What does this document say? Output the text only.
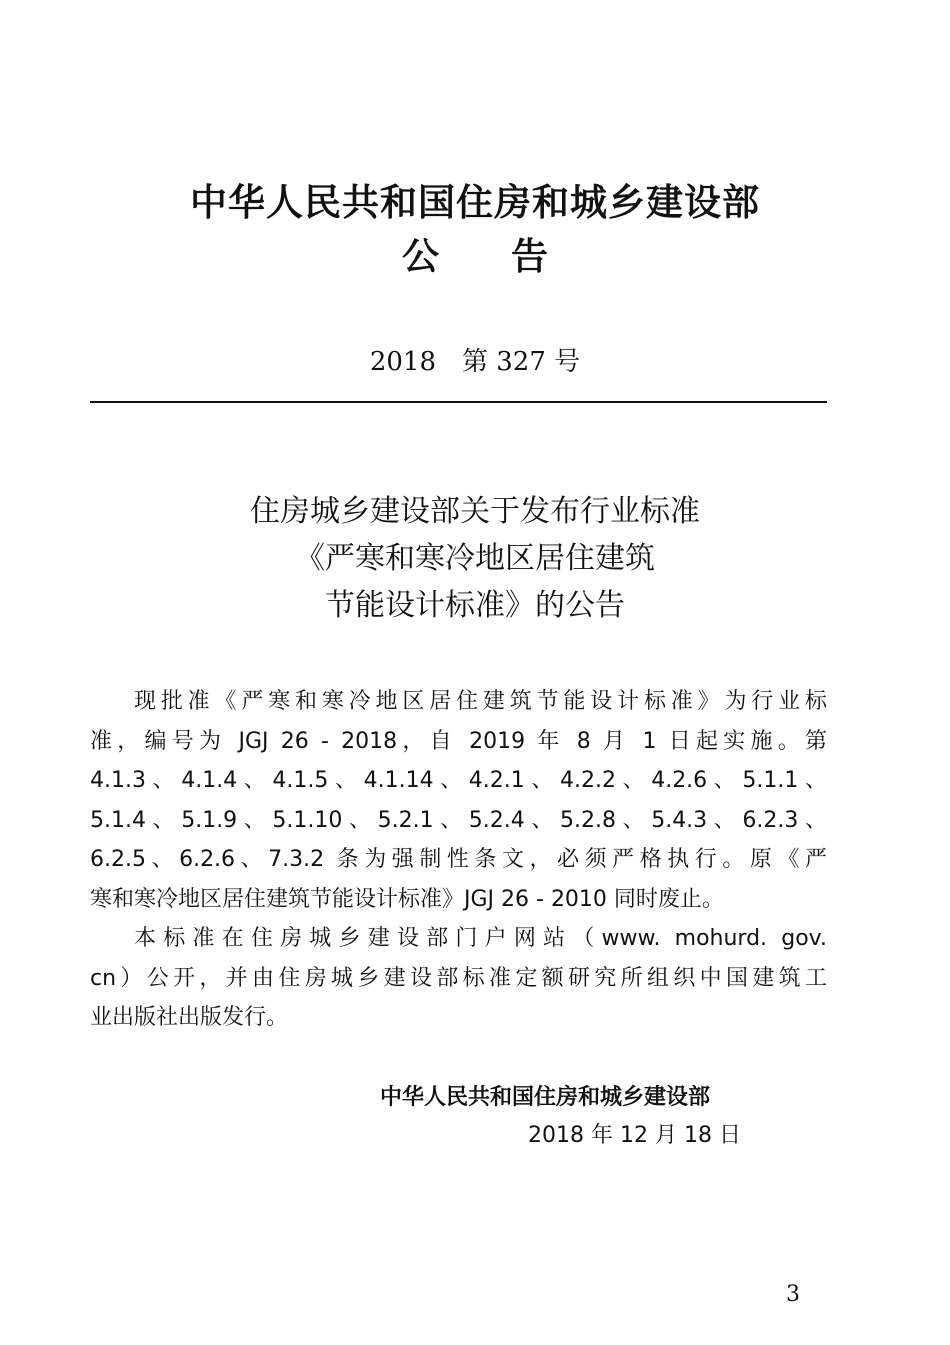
中华人民共和国住房和城乡建设部
公告
2018　第 327 号
住房城乡建设部关于发布行业标准
《严寒和寒冷地区居住建筑
节能设计标准》的公告
现批准《严寒和寒冷地区居住建筑节能设计标准》为行业标
准，编号为 JGJ 26 - 2018，自 2019 年 8 月 1 日起实施。第
4.1.3、4.1.4、4.1.5、4.1.14、4.2.1、4.2.2、4.2.6、5.1.1、
5.1.4、5.1.9、5.1.10、5.2.1、5.2.4、5.2.8、5.4.3、6.2.3、
6.2.5、6.2.6、7.3.2 条为强制性条文，必须严格执行。原《严
寒和寒冷地区居住建筑节能设计标准》JGJ 26 - 2010 同时废止。
本标准在住房城乡建设部门户网站（www. mohurd. gov.
cn）公开，并由住房城乡建设部标准定额研究所组织中国建筑工
业出版社出版发行。
中华人民共和国住房和城乡建设部
2018 年 12 月 18 日
3
